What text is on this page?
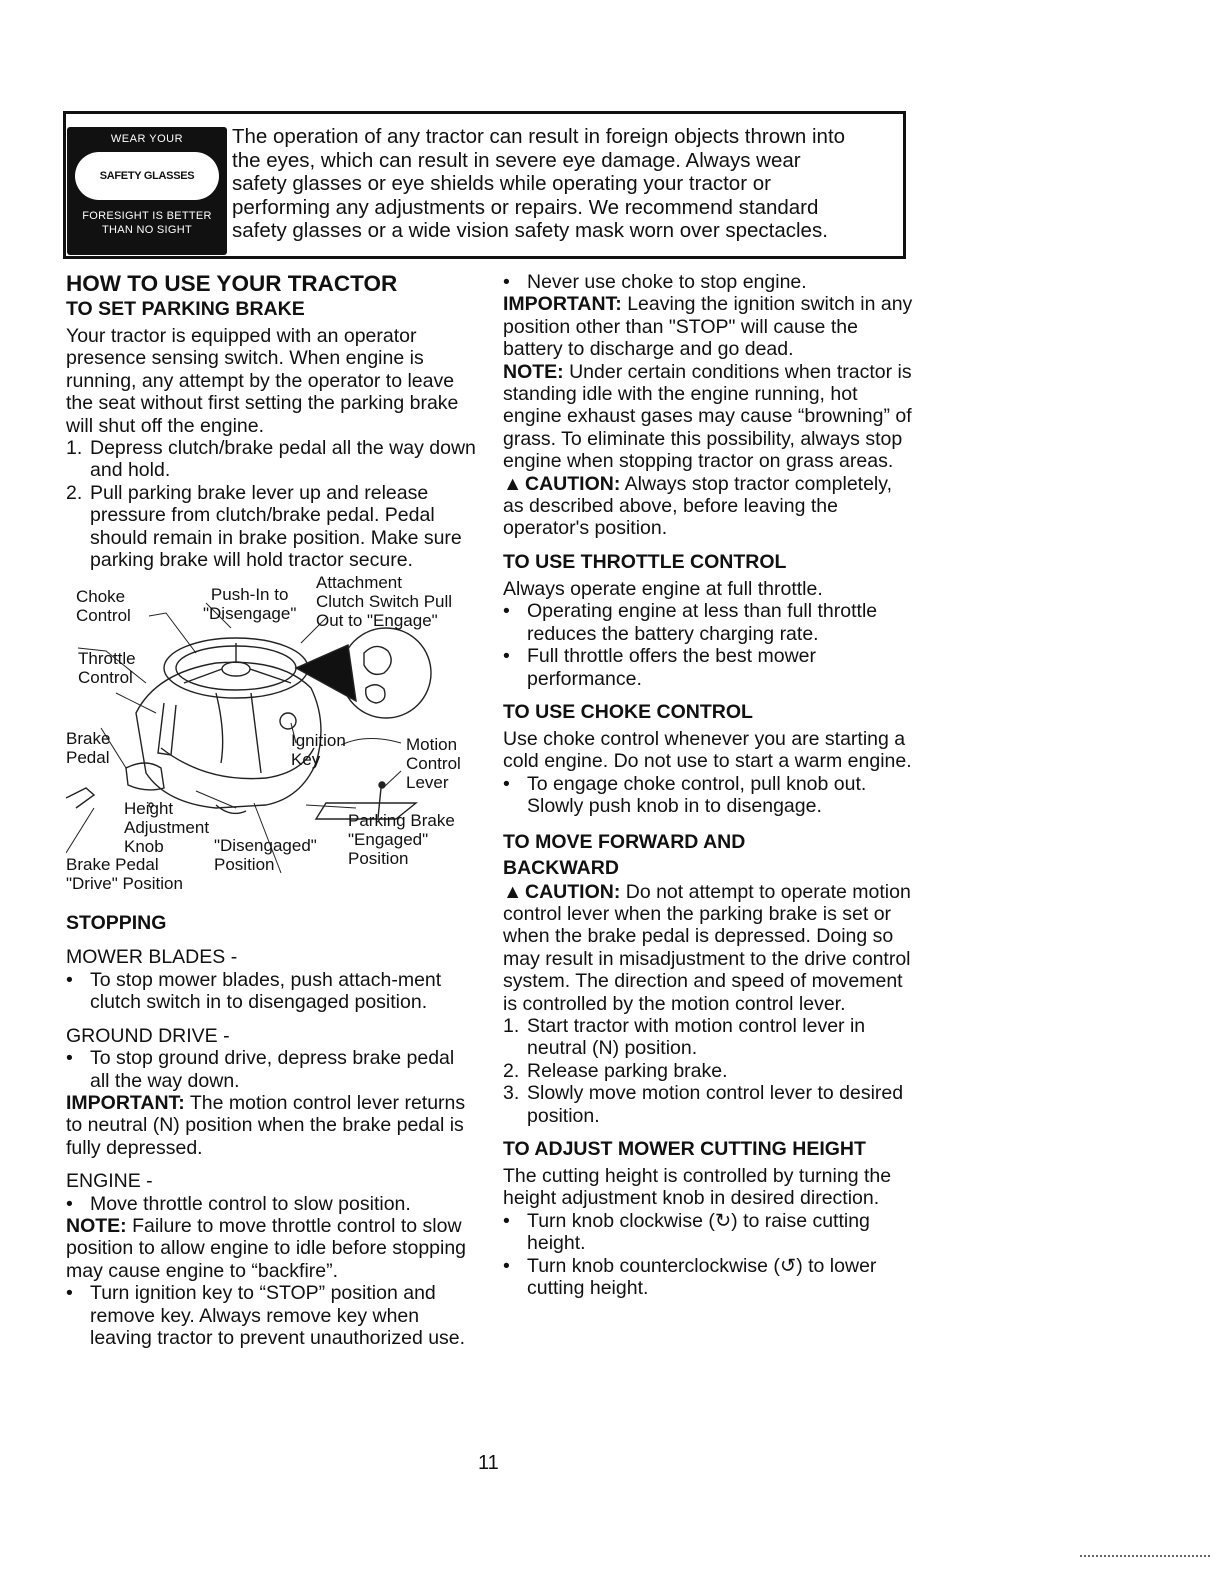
WEAR YOUR
SAFETY GLASSES
FORESIGHT IS BETTER
THAN NO SIGHT
The operation of any tractor can result in foreign objects thrown into
the eyes, which can result in severe eye damage. Always wear
safety glasses or eye shields while operating your tractor or
performing any adjustments or repairs. We recommend standard
safety glasses or a wide vision safety mask worn over spectacles.

HOW TO USE YOUR TRACTOR

TO SET PARKING BRAKE

Your tractor is equipped with an operator presence sensing switch. When engine is running, any attempt by the operator to leave the seat without first setting the parking brake will shut off the engine.

1. Depress clutch/brake pedal all the way down and hold.
2. Pull parking brake lever up and release pressure from clutch/brake pedal. Pedal should remain in brake position. Make sure parking brake will hold tractor secure.
Choke
Control
Push-In to
"Disengage"
Attachment
Clutch Switch Pull
Out to "Engage"
Throttle
Control
Brake
Pedal
Ignition
Key
Motion
Control
Lever
Height
Adjustment
Knob
Brake Pedal
"Drive" Position
"Disengaged"
Position
Parking Brake
"Engaged"
Position

STOPPING

MOWER BLADES -

• To stop mower blades, push attach-ment clutch switch in to disengaged position.

GROUND DRIVE -

• To stop ground drive, depress brake pedal all the way down.

IMPORTANT: The motion control lever returns to neutral (N) position when the brake pedal is fully depressed.

ENGINE -

• Move throttle control to slow position.

NOTE: Failure to move throttle control to slow position to allow engine to idle before stopping may cause engine to “backfire”.

• Turn ignition key to “STOP” position and remove key. Always remove key when leaving tractor to prevent unauthorized use.
• Never use choke to stop engine.

IMPORTANT: Leaving the ignition switch in any position other than "STOP" will cause the battery to discharge and go dead.

NOTE: Under certain conditions when tractor is standing idle with the engine running, hot engine exhaust gases may cause “browning” of grass. To eliminate this possibility, always stop engine when stopping tractor on grass areas.

▲ CAUTION: Always stop tractor completely, as described above, before leaving the operator's position.

TO USE THROTTLE CONTROL

Always operate engine at full throttle.

• Operating engine at less than full throttle reduces the battery charging rate.
• Full throttle offers the best mower performance.

TO USE CHOKE CONTROL

Use choke control whenever you are starting a cold engine. Do not use to start a warm engine.

• To engage choke control, pull knob out. Slowly push knob in to disengage.

TO MOVE FORWARD AND BACKWARD

▲ CAUTION: Do not attempt to operate motion control lever when the parking brake is set or when the brake pedal is depressed. Doing so may result in misadjustment to the drive control system. The direction and speed of movement is controlled by the motion control lever.

1. Start tractor with motion control lever in neutral (N) position.
2. Release parking brake.
3. Slowly move motion control lever to desired position.

TO ADJUST MOWER CUTTING HEIGHT

The cutting height is controlled by turning the height adjustment knob in desired direction.

• Turn knob clockwise (↻) to raise cutting height.
• Turn knob counterclockwise (↺) to lower cutting height.
11
